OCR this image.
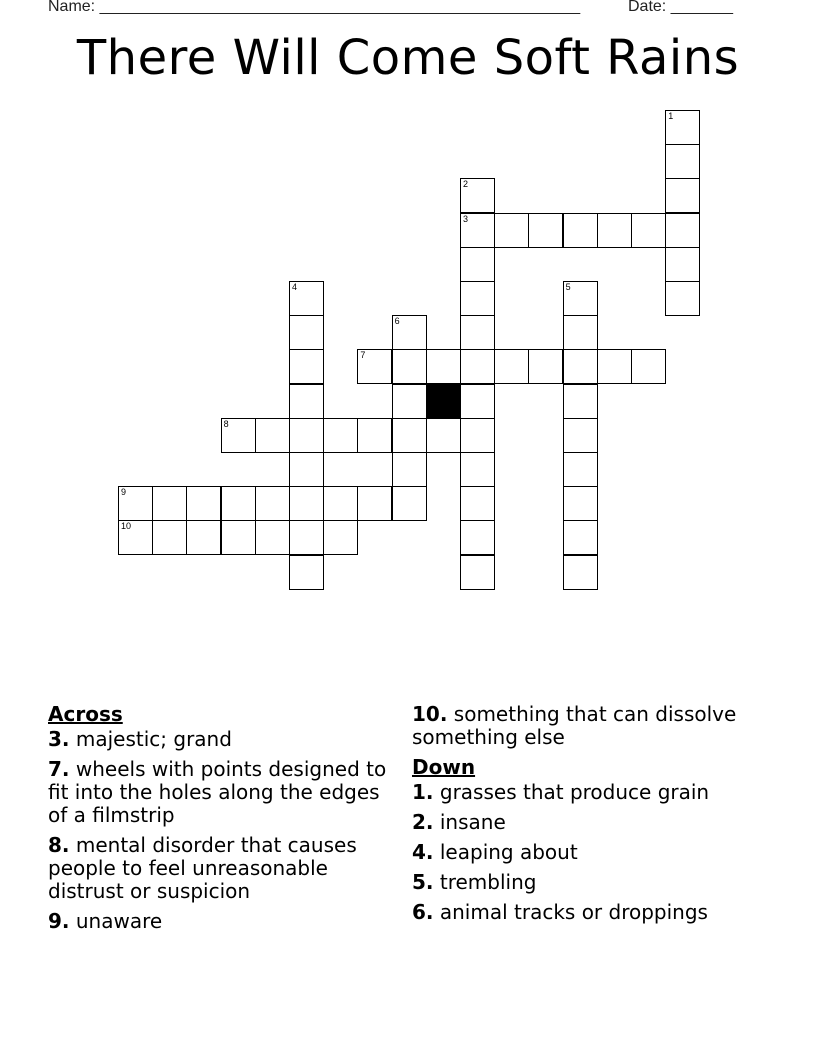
Name: ______________________________________________________	Date: _______
There Will Come Soft Rains
1
2
3
4	5
6
7
8
9
10
Across
3. majestic; grand
7. wheels with points designed to fit into the holes along the edges of a filmstrip
8. mental disorder that causes people to feel unreasonable distrust or suspicion
9. unaware
10. something that can dissolve something else
Down
1. grasses that produce grain
2. insane
4. leaping about
5. trembling
6. animal tracks or droppings
